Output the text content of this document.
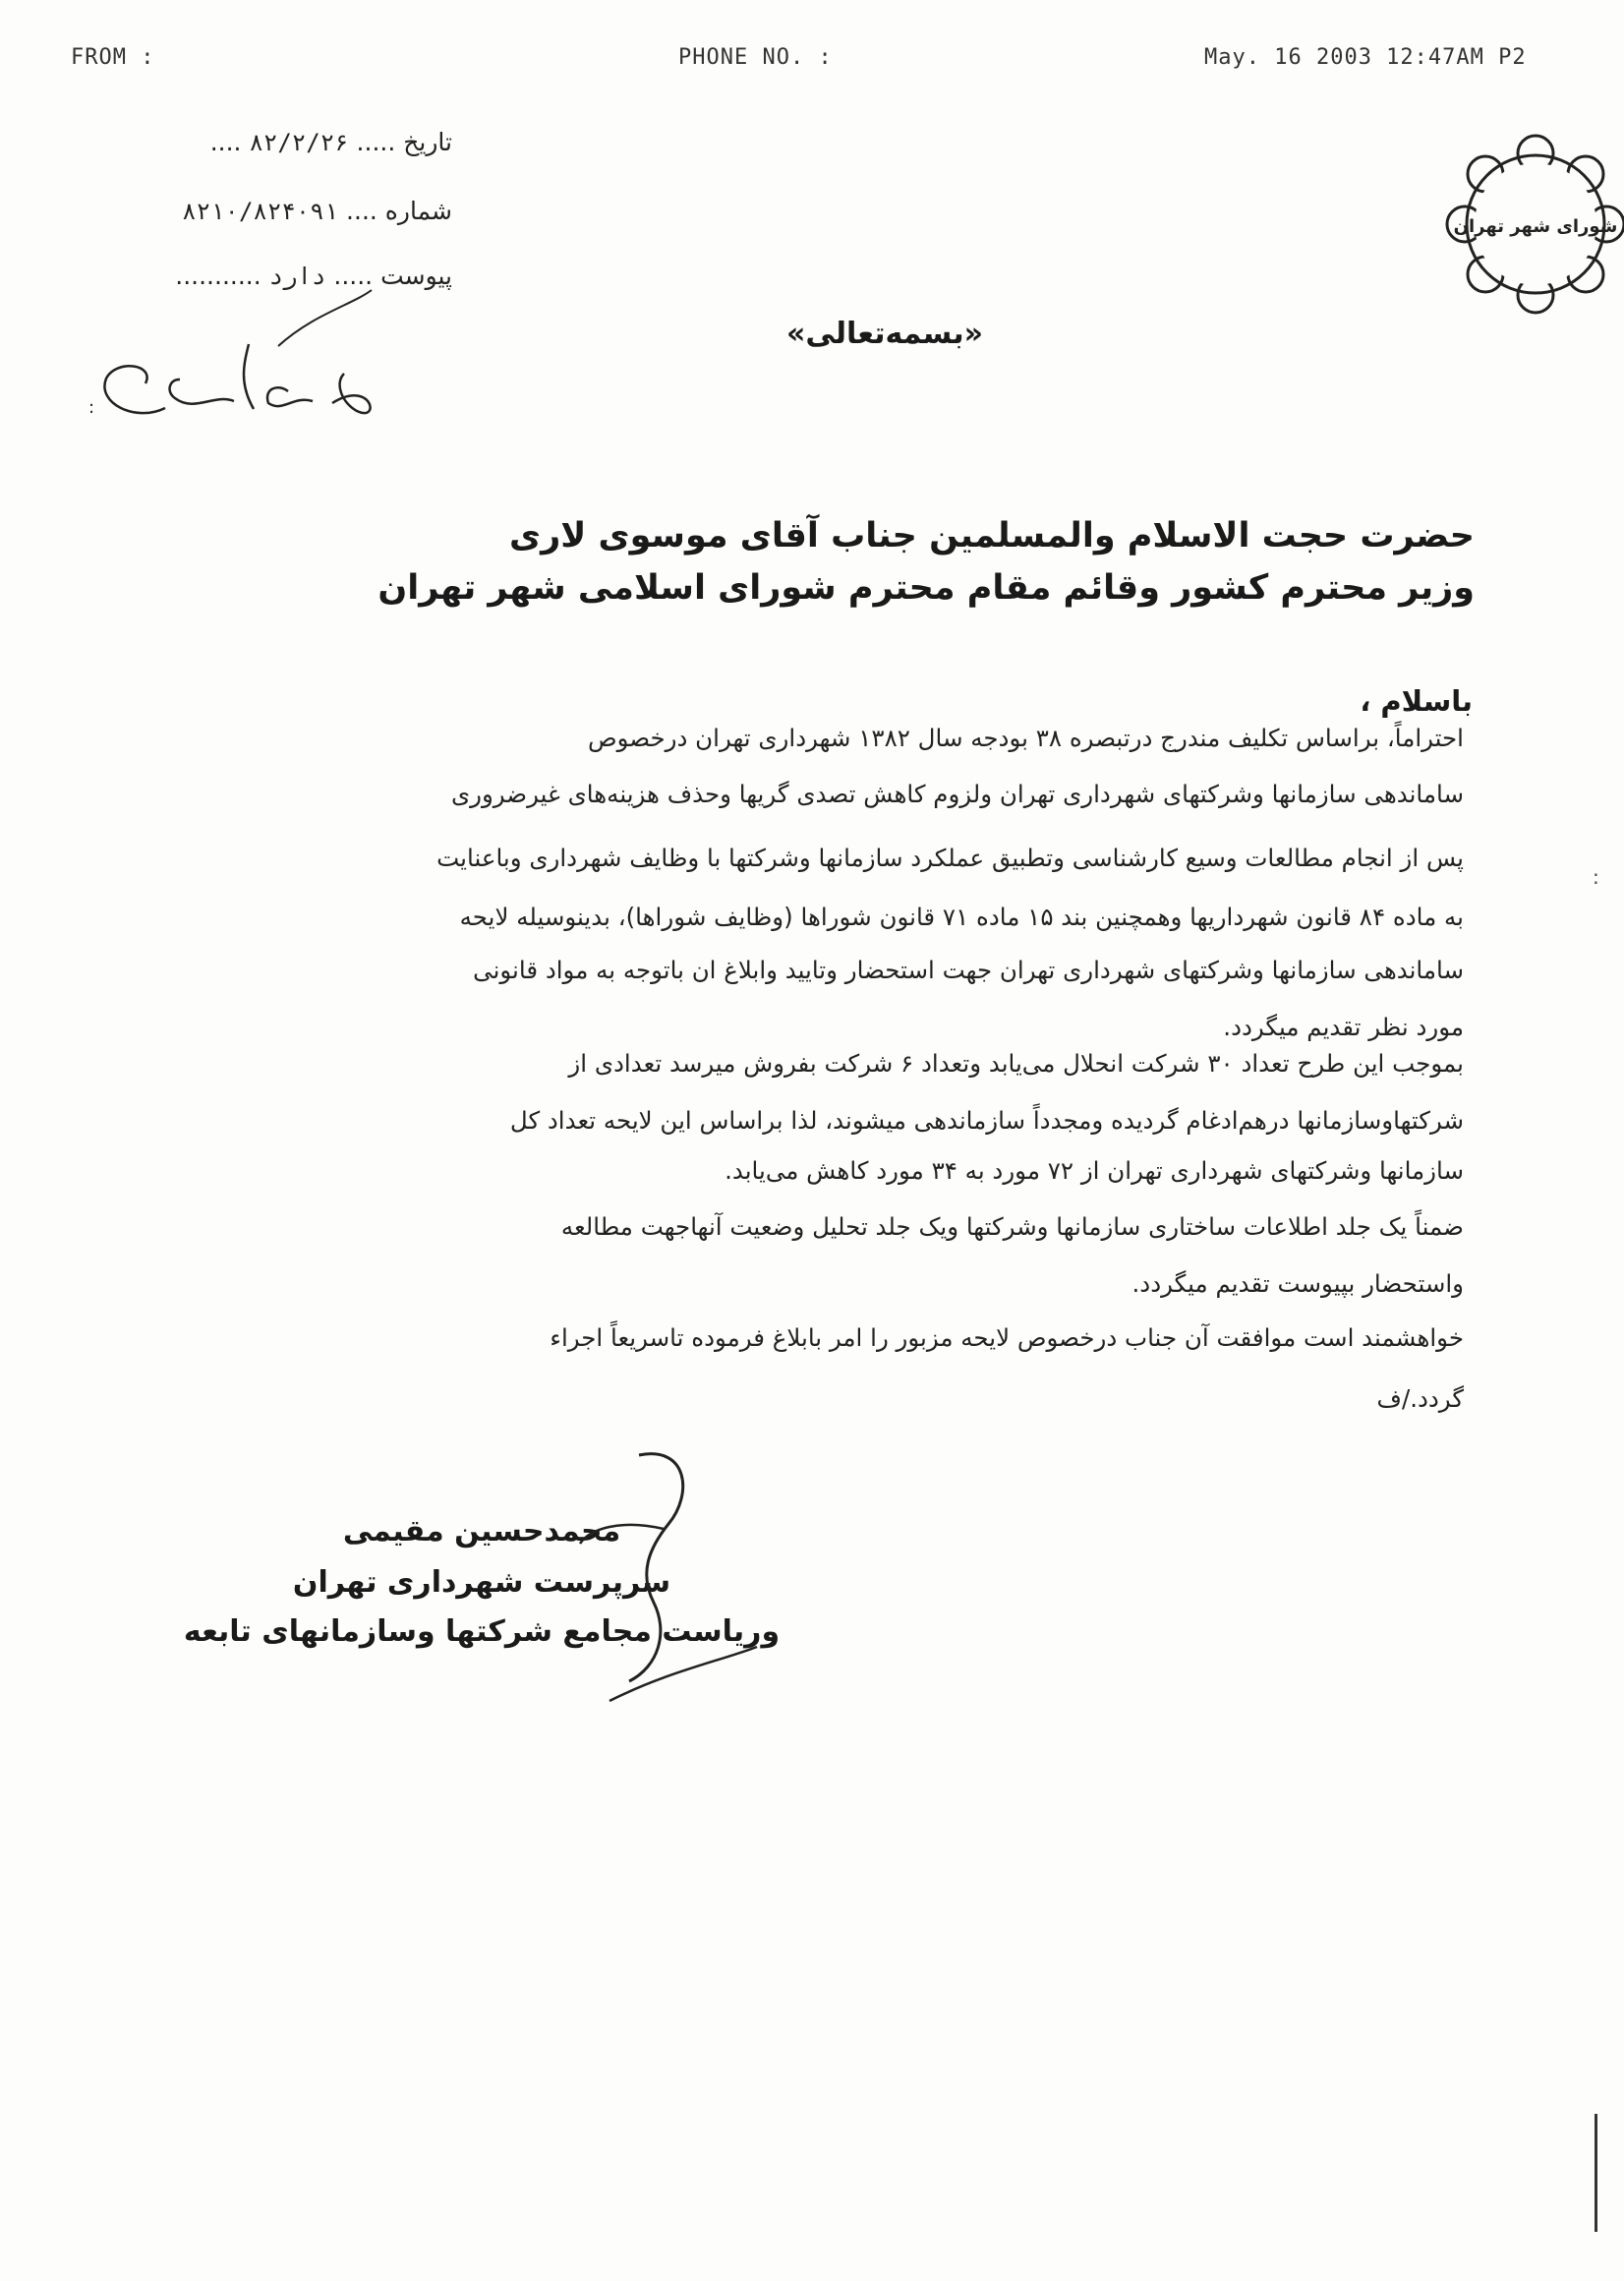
FROM :	PHONE NO. :	May. 16 2003 12:47AM P2
تاریخ ..... ۸۲/۲/۲۶ ....
شماره .... ۸۲۱۰/۸۲۴۰۹۱
پیوست ..... دارد ...........
:
شورای شهر تهران
«بسمه‌تعالی»
حضرت حجت الاسلام والمسلمین جناب آقای موسوی لاری
وزیر محترم کشور وقائم مقام محترم شورای اسلامی شهر تهران
باسلام ،
احتراماً، براساس تکلیف مندرج درتبصره ۳۸ بودجه سال ۱۳۸۲ شهرداری تهران درخصوص
ساماندهی سازمانها وشرکتهای شهرداری تهران ولزوم کاهش تصدی گریها وحذف هزینه‌های غیرضروری
پس از انجام مطالعات وسیع کارشناسی وتطبیق عملکرد سازمانها وشرکتها با وظایف شهرداری وباعنایت
به ماده ۸۴ قانون شهرداریها وهمچنین بند ۱۵ ماده ۷۱ قانون شوراها (وظایف شوراها)، بدینوسیله لایحه
ساماندهی سازمانها وشرکتهای شهرداری تهران جهت استحضار وتایید وابلاغ ان باتوجه به مواد قانونی
مورد نظر تقدیم میگردد.
بموجب این طرح تعداد ۳۰ شرکت انحلال می‌یابد وتعداد ۶ شرکت بفروش میرسد تعدادی از
شرکتهاوسازمانها درهم‌ادغام گردیده ومجدداً سازماندهی میشوند، لذا براساس این لایحه تعداد کل
سازمانها وشرکتهای شهرداری تهران از ۷۲ مورد به ۳۴ مورد کاهش می‌یابد.
ضمناً یک جلد اطلاعات ساختاری سازمانها وشرکتها ویک جلد تحلیل وضعیت آنهاجهت مطالعه
واستحضار بپیوست تقدیم میگردد.
خواهشمند است موافقت آن جناب درخصوص لایحه مزبور را امر بابلاغ فرموده تاسریعاً اجراء
گردد./ف
محمدحسین مقیمی
سرپرست شهرداری تهران
وریاست مجامع شرکتها وسازمانهای تابعه
:
